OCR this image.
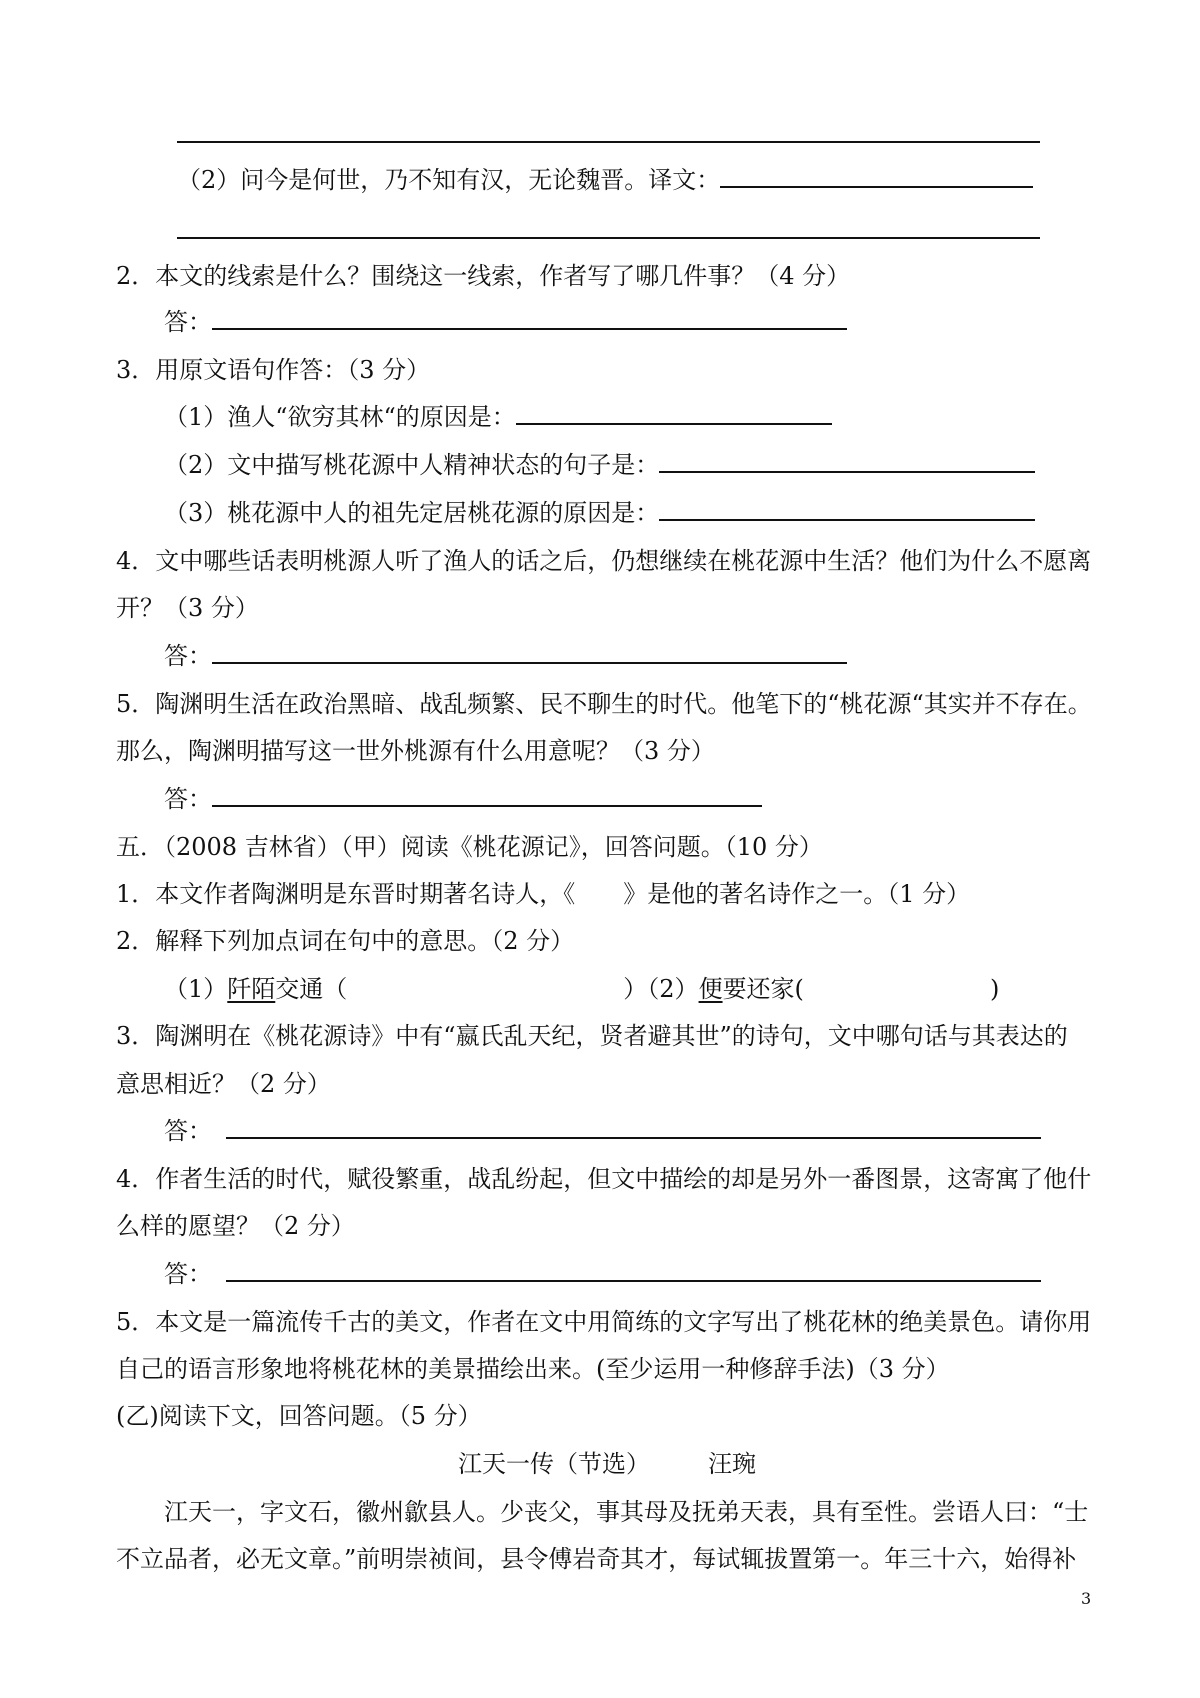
（2）问今是何世，乃不知有汉，无论魏晋。译文：
2．本文的线索是什么？围绕这一线索，作者写了哪几件事？（4 分）
答：
3．用原文语句作答：（3 分）
（1）渔人“欲穷其林“的原因是：
（2）文中描写桃花源中人精神状态的句子是：
（3）桃花源中人的祖先定居桃花源的原因是：
4．文中哪些话表明桃源人听了渔人的话之后，仍想继续在桃花源中生活？他们为什么不愿离
开？（3 分）
答：
5．陶渊明生活在政治黑暗、战乱频繁、民不聊生的时代。他笔下的“桃花源“其实并不存在。
那么，陶渊明描写这一世外桃源有什么用意呢？（3 分）
答：
五．（2008 吉林省）（甲）阅读《桃花源记》，回答问题。（10 分）
1．本文作者陶渊明是东晋时期著名诗人，《 》是他的著名诗作之一。（1 分）
2．解释下列加点词在句中的意思。（2 分）
（1）阡陌交通（	）（2）便要还家(	)
3．陶渊明在《桃花源诗》中有“嬴氏乱天纪，贤者避其世”的诗句，文中哪句话与其表达的
意思相近？（2 分）
答：
4．作者生活的时代，赋役繁重，战乱纷起，但文中描绘的却是另外一番图景，这寄寓了他什
么样的愿望？（2 分）
答：
5．本文是一篇流传千古的美文，作者在文中用简练的文字写出了桃花林的绝美景色。请你用
自己的语言形象地将桃花林的美景描绘出来。(至少运用一种修辞手法)（3 分）
(乙)阅读下文，回答问题。（5 分）
江天一传（节选） 汪琬
江天一，字文石，徽州歙县人。少丧父，事其母及抚弟天表，具有至性。尝语人曰：“士
不立品者，必无文章。”前明崇祯间，县令傅岩奇其才，每试辄拔置第一。年三十六，始得补
3
